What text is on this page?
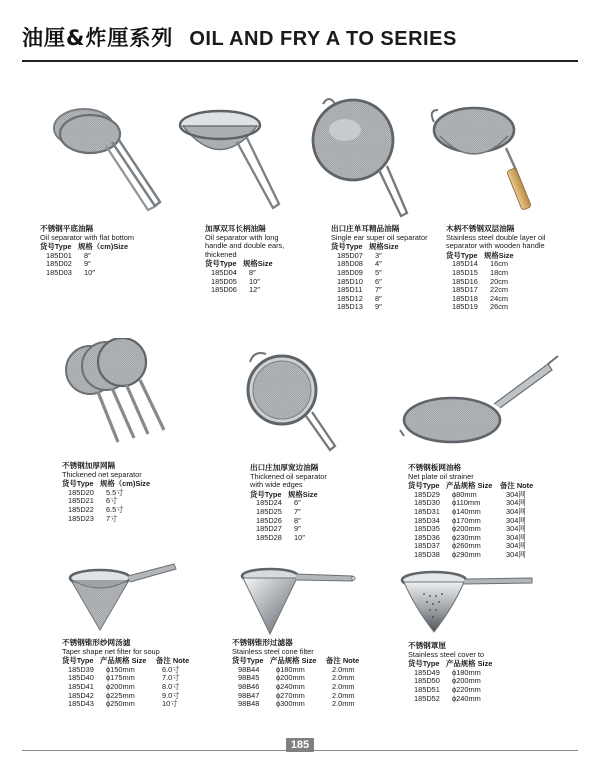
油厘&炸厘系列 OIL AND FRY A TO SERIES
不锈钢平底油隔
Oil separator with flat bottom
货号Type 规格（cm)Size
185D01	8″
185D02	9″
185D03	10″
加厚双耳长柄油隔
Oil separator with long
handle and double ears,
thickened
货号Type 规格Size
185D04	8″
185D05	10″
185D06	12″
出口庄单耳精品油隔
Single ear super oil separator
货号Type 规格Size
185D07	3″
185D08	4″
185D09	5″
185D10	6″
185D11	7″
185D12	8″
185D13	9″
木柄不锈钢双层油隔
Stainless steel double layer oil
separator with wooden handle
货号Type 规格Size
185D14	16cm
185D15	18cm
185D16	20cm
185D17	22cm
185D18	24cm
185D19	26cm
不锈钢加厚网隔
Thickened net separator
货号Type 规格（cm)Size
185D20	5.5寸
185D21	6寸
185D22	6.5寸
185D23	7寸
出口庄加厚宽边油隔
Thickened oil separator
with wide edges
货号Type 规格Size
185D24	6″
185D25	7″
185D26	8″
185D27	9″
185D28	10″
不锈钢板网油格
Net plate oil strainer
货号Type 产品规格 Size	备注 Note
185D29	ϕ80mm	304网
185D30	ϕ110mm	304网
185D31	ϕ140mm	304网
185D34	ϕ170mm	304网
185D35	ϕ200mm	304网
185D36	ϕ230mm	304网
185D37	ϕ260mm	304网
185D38	ϕ290mm	304网
不锈钢锥形纱网汤滤
Taper shape net filter for soup
货号Type 产品规格 Size	备注 Note
185D39	ϕ150mm	6.0寸
185D40	ϕ175mm	7.0寸
185D41	ϕ200mm	8.0寸
185D42	ϕ225mm	9.0寸
185D43	ϕ250mm	10寸
不锈钢锥形过滤器
Stainless steel cone filter
货号Type 产品规格 Size	备注 Note
98B44	ϕ180mm	2.0mm
98B45	ϕ200mm	2.0mm
98B46	ϕ240mm	2.0mm
98B47	ϕ270mm	2.0mm
98B48	ϕ300mm	2.0mm
不锈钢罩厘
Stainless steel cover to
货号Type 产品规格 Size
185D49	ϕ180mm
185D50	ϕ200mm
185D51	ϕ220mm
185D52	ϕ240mm
185
